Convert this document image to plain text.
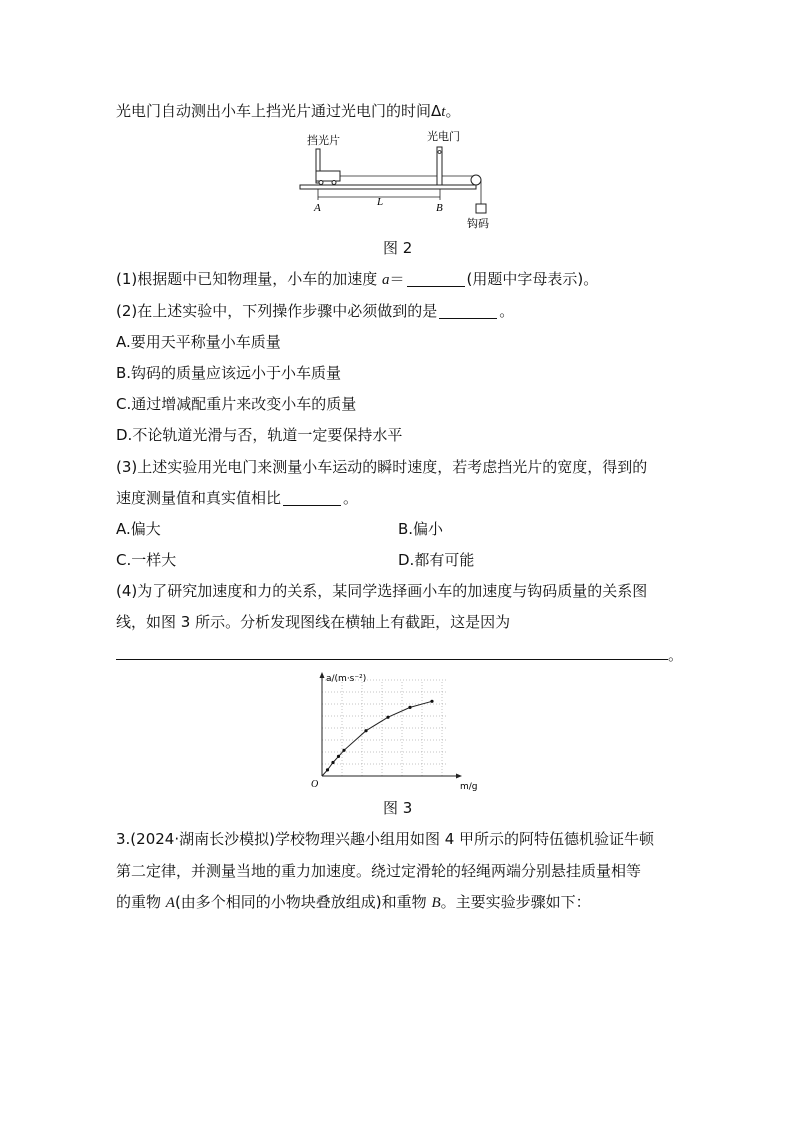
光电门自动测出小车上挡光片通过光电门的时间Δt。
挡光片	光电门
钩码
A	L	B
图 2
(1)根据题中已知物理量，小车的加速度 a＝	(用题中字母表示)。
(2)在上述实验中，下列操作步骤中必须做到的是	。
A.要用天平称量小车质量
B.钩码的质量应该远小于小车质量
C.通过增减配重片来改变小车的质量
D.不论轨道光滑与否，轨道一定要保持水平
(3)上述实验用光电门来测量小车运动的瞬时速度，若考虑挡光片的宽度，得到的
速度测量值和真实值相比	。
A.偏大	B.偏小
C.一样大	D.都有可能
(4)为了研究加速度和力的关系，某同学选择画小车的加速度与钩码质量的关系图
线，如图 3 所示。分析发现图线在横轴上有截距，这是因为
。
a/(m·s⁻²)
m/g
O
图 3
3.(2024·湖南长沙模拟)学校物理兴趣小组用如图 4 甲所示的阿特伍德机验证牛顿
第二定律，并测量当地的重力加速度。绕过定滑轮的轻绳两端分别悬挂质量相等
的重物 A(由多个相同的小物块叠放组成)和重物 B。主要实验步骤如下：
